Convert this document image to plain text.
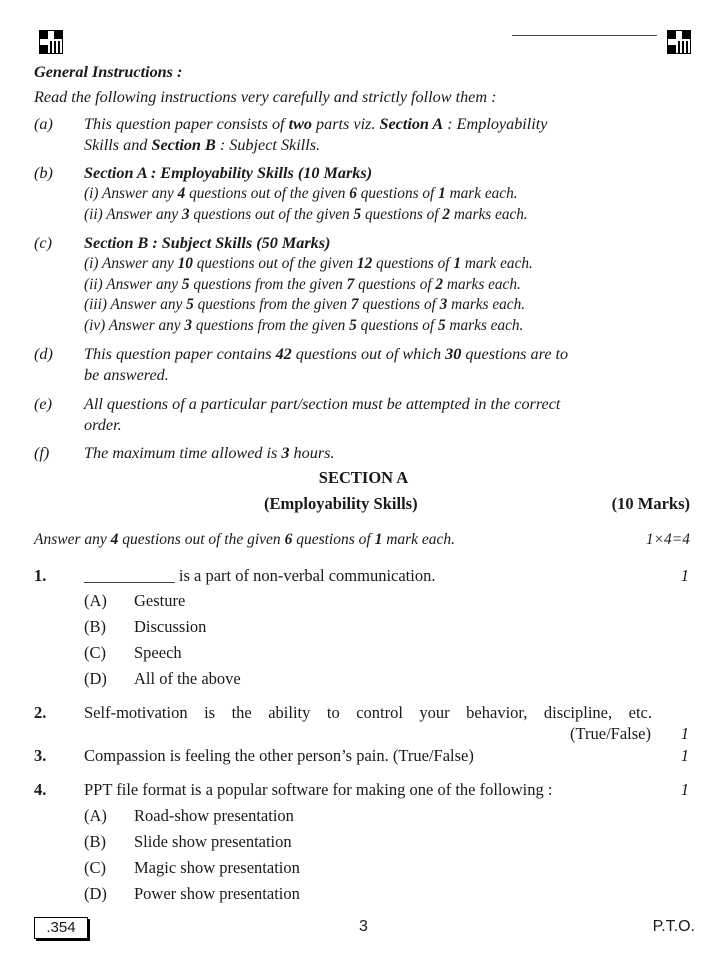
General Instructions :
Read the following instructions very carefully and strictly follow them :
(a) This question paper consists of two parts viz. Section A : Employability
Skills and Section B : Subject Skills.
(b) Section A : Employability Skills (10 Marks)
(i) Answer any 4 questions out of the given 6 questions of 1 mark each.
(ii) Answer any 3 questions out of the given 5 questions of 2 marks each.
(c) Section B : Subject Skills (50 Marks)
(i) Answer any 10 questions out of the given 12 questions of 1 mark each.
(ii) Answer any 5 questions from the given 7 questions of 2 marks each.
(iii) Answer any 5 questions from the given 7 questions of 3 marks each.
(iv) Answer any 3 questions from the given 5 questions of 5 marks each.
(d) This question paper contains 42 questions out of which 30 questions are to
be answered.
(e) All questions of a particular part/section must be attempted in the correct
order.
(f) The maximum time allowed is 3 hours.
SECTION A
(Employability Skills)	(10 Marks)
Answer any 4 questions out of the given 6 questions of 1 mark each.	1×4=4
1. ___________ is a part of non-verbal communication.	1
(A) Gesture
(B) Discussion
(C) Speech
(D) All of the above
2. Self-motivation is the ability to control your behavior, discipline, etc.
(True/False) 1
3. Compassion is feeling the other person’s pain. (True/False)	1
4. PPT file format is a popular software for making one of the following :	1
(A) Road-show presentation
(B) Slide show presentation
(C) Magic show presentation
(D) Power show presentation
.354	3	P.T.O.
